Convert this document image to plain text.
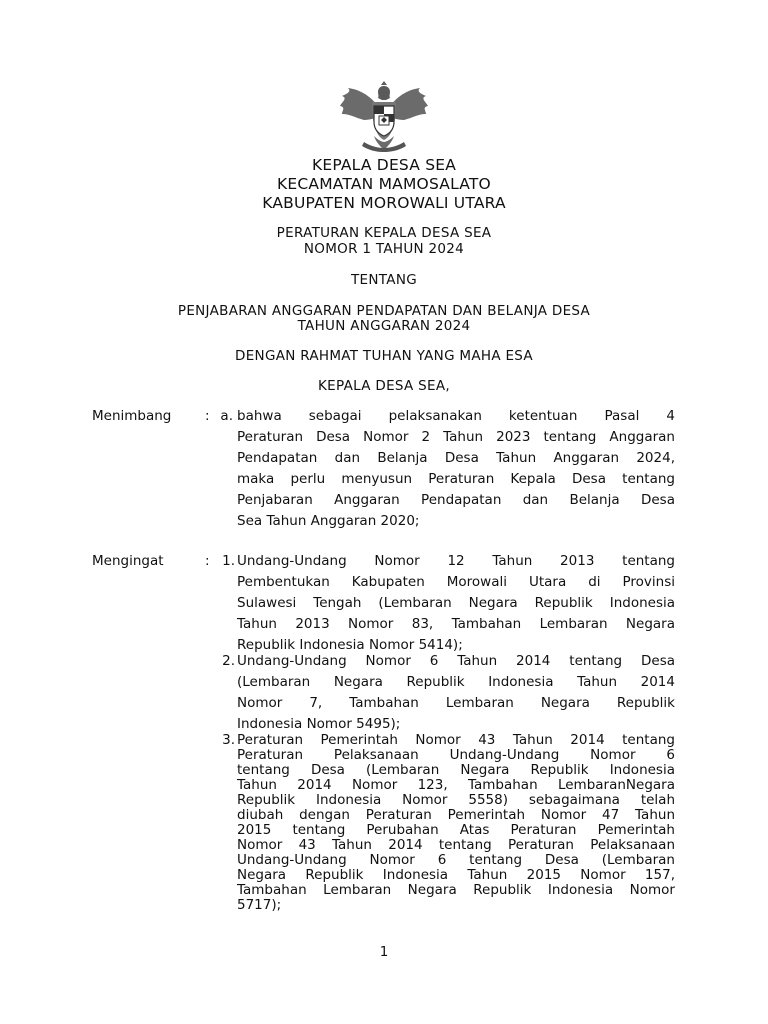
KEPALA DESA SEA
KECAMATAN MAMOSALATO
KABUPATEN MOROWALI UTARA
PERATURAN KEPALA DESA SEA
NOMOR 1 TAHUN 2024
TENTANG
PENJABARAN ANGGARAN PENDAPATAN DAN BELANJA DESA
TAHUN ANGGARAN 2024
DENGAN RAHMAT TUHAN YANG MAHA ESA
KEPALA DESA SEA,
Menimbang : a. bahwa sebagai pelaksanakan ketentuan Pasal 4
Peraturan Desa Nomor 2 Tahun 2023 tentang Anggaran
Pendapatan dan Belanja Desa Tahun Anggaran 2024,
maka perlu menyusun Peraturan Kepala Desa tentang
Penjabaran Anggaran Pendapatan dan Belanja Desa
Sea Tahun Anggaran 2020;
Mengingat	: 1. Undang-Undang Nomor 12 Tahun 2013 tentang
Pembentukan Kabupaten Morowali Utara di Provinsi
Sulawesi Tengah (Lembaran Negara Republik Indonesia
Tahun 2013 Nomor 83, Tambahan Lembaran Negara
Republik Indonesia Nomor 5414);
2. Undang-Undang Nomor 6 Tahun 2014 tentang Desa
(Lembaran Negara Republik Indonesia Tahun 2014
Nomor 7, Tambahan Lembaran Negara Republik
Indonesia Nomor 5495);
3. Peraturan Pemerintah Nomor 43 Tahun 2014 tentang
Peraturan Pelaksanaan Undang-Undang Nomor 6
tentang Desa (Lembaran Negara Republik Indonesia
Tahun 2014 Nomor 123, Tambahan LembaranNegara
Republik Indonesia Nomor 5558) sebagaimana telah
diubah dengan Peraturan Pemerintah Nomor 47 Tahun
2015 tentang Perubahan Atas Peraturan Pemerintah
Nomor 43 Tahun 2014 tentang Peraturan Pelaksanaan
Undang-Undang Nomor 6 tentang Desa (Lembaran
Negara Republik Indonesia Tahun 2015 Nomor 157,
Tambahan Lembaran Negara Republik Indonesia Nomor
5717);
1
